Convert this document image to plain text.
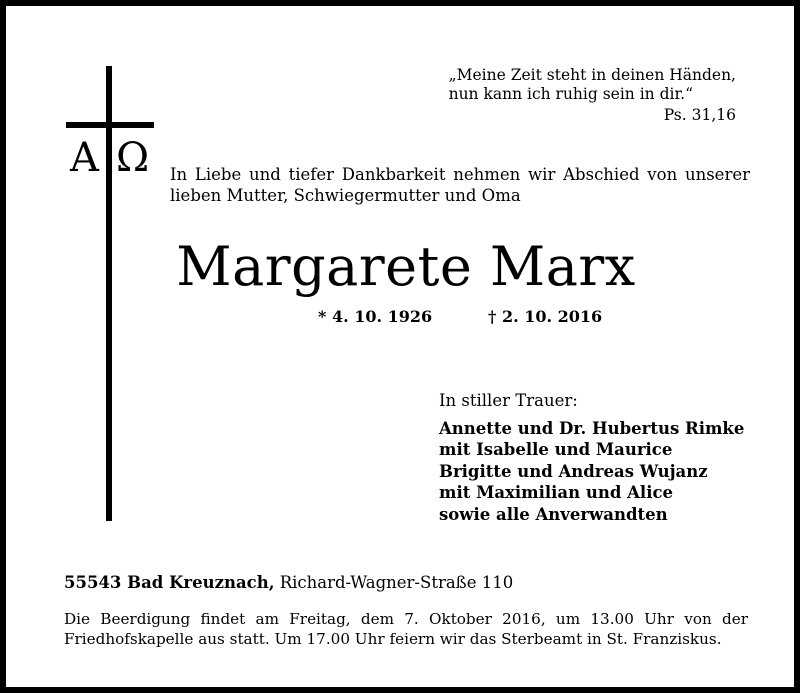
A Ω
„Meine Zeit steht in deinen Händen,
nun kann ich ruhig sein in dir.“
Ps. 31,16
In Liebe und tiefer Dankbarkeit nehmen wir Abschied von unserer lieben Mutter, Schwiegermutter und Oma
Margarete Marx
* 4. 10. 1926	† 2. 10. 2016
In stiller Trauer:
Annette und Dr. Hubertus Rimke
mit Isabelle und Maurice
Brigitte und Andreas Wujanz
mit Maximilian und Alice
sowie alle Anverwandten
55543 Bad Kreuznach, Richard-Wagner-Straße 110
Die Beerdigung findet am Freitag, dem 7. Oktober 2016, um 13.00 Uhr von der Friedhofskapelle aus statt. Um 17.00 Uhr feiern wir das Sterbeamt in St. Franziskus.
